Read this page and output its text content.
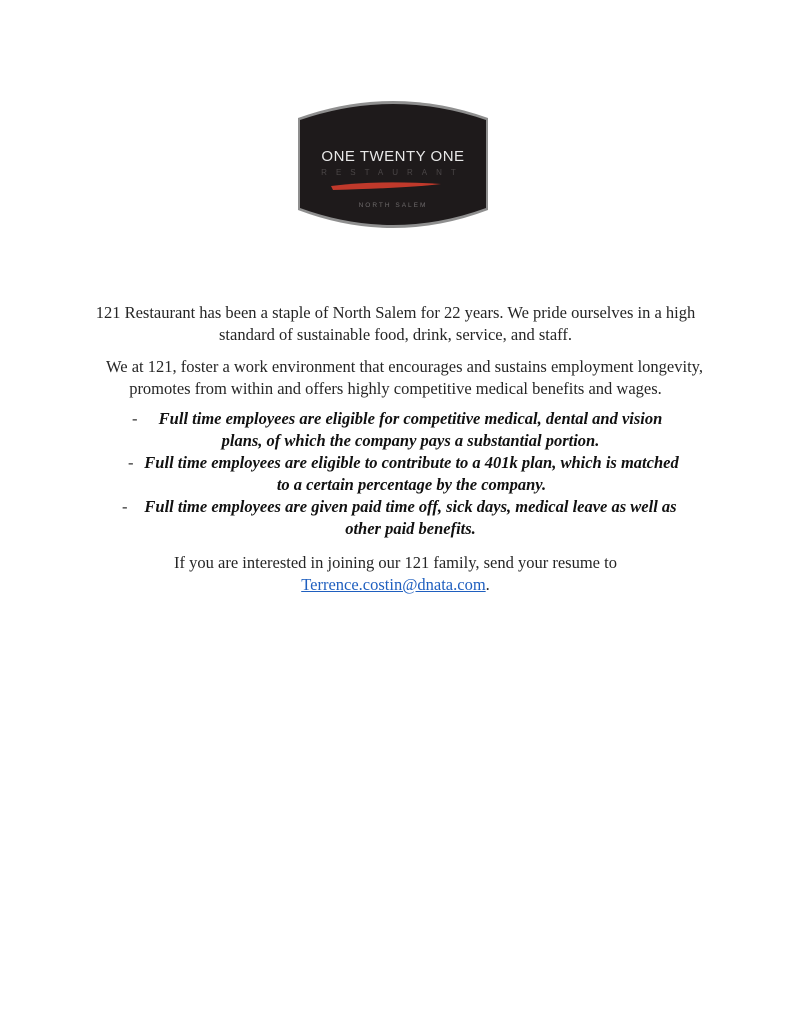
ONE TWENTY ONE
RESTAURANT
NORTH SALEM

121 Restaurant has been a staple of North Salem for 22 years. We pride ourselves in a high standard of sustainable food, drink, service, and staff.

We at 121, foster a work environment that encourages and sustains employment longevity, promotes from within and offers highly competitive medical benefits and wages.

- Full time employees are eligible for competitive medical, dental and vision plans, of which the company pays a substantial portion.
- Full time employees are eligible to contribute to a 401k plan, which is matched to a certain percentage by the company.
- Full time employees are given paid time off, sick days, medical leave as well as other paid benefits.

If you are interested in joining our 121 family, send your resume to Terrence.costin@dnata.com.
